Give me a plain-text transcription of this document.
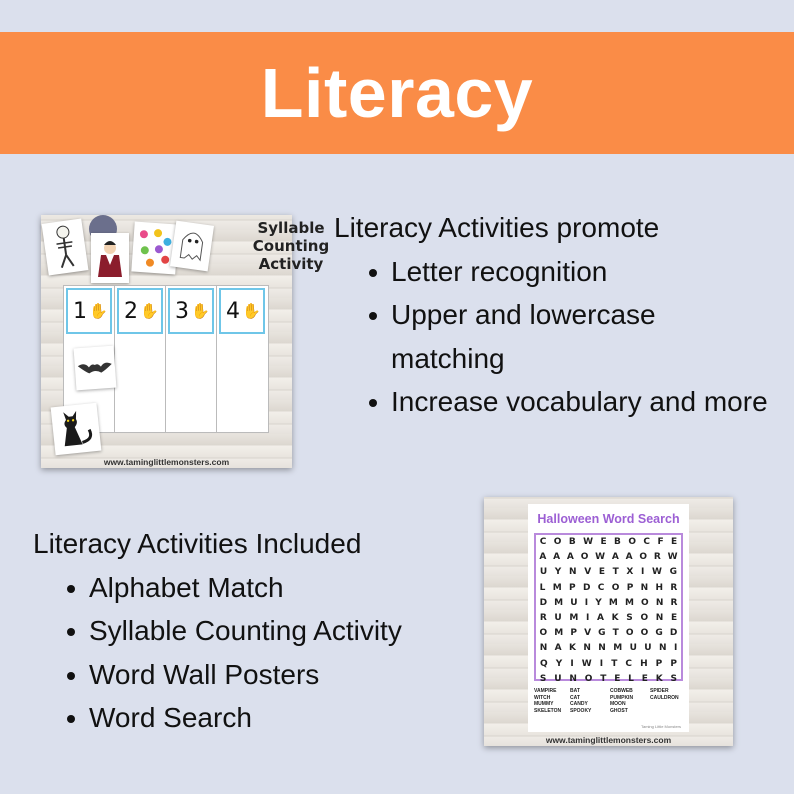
Literacy
Syllable
Counting
Activity
1 ✋ 2 ✋ 3 ✋ 4 ✋
www.taminglittlemonsters.com
Literacy Activities promote
Letter recognition
Upper and lowercase matching
Increase vocabulary and more
Literacy Activities Included
Alphabet Match
Syllable Counting Activity
Word Wall Posters
Word Search
Halloween Word Search
C O B W E B O C F E
A A A O W A A O R W
U Y N V E T X I W G
L M P D C O P N H R
D M U I Y M M O N R
R U M I A K S O N E
O M P V G T O O G D
N A K N N M U U N I
Q Y I W I T C H P P
S U N O T E L E K S
VAMPIRE	BAT	COBWEB	SPIDER
WITCH	CAT	PUMPKIN	CAULDRON
MUMMY	CANDY	MOON
SKELETON	SPOOKY	GHOST
Taming Little Monsters
www.taminglittlemonsters.com
